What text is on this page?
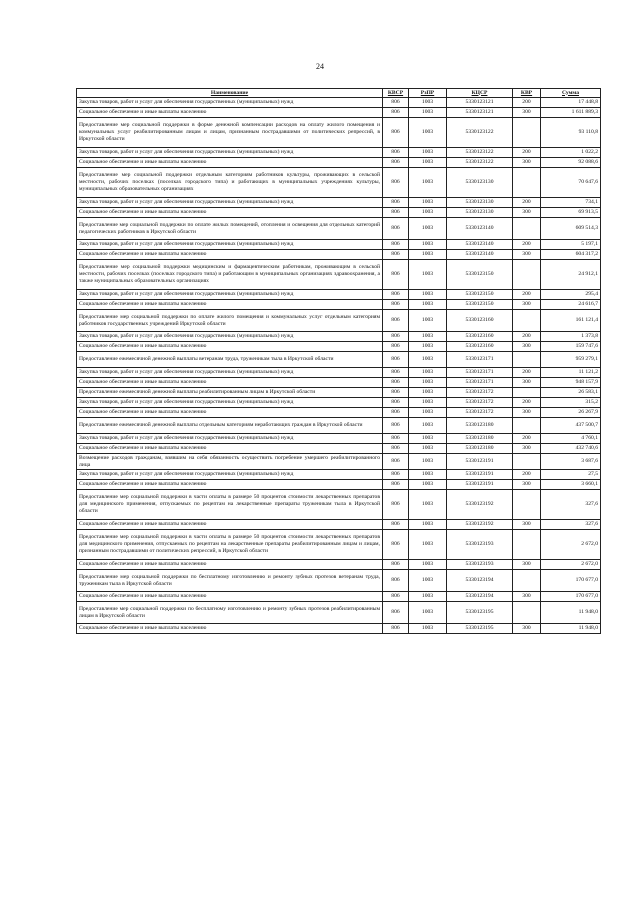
24
Наименование	КВСР	РзПР	КЦСР	КВР	Сумма
Закупка товаров, работ и услуг для обеспечения государственных (муниципальных) нужд	806	1003	5330123121	200	17 448,8
Социальное обеспечение и иные выплаты населению	806	1003	5330123121	300	1 611 889,3
Предоставление мер социальной поддержки в форме денежной компенсации расходов на оплату жилого помещения и коммунальных услуг реабилитированным лицам и лицам, признанным пострадавшими от политических репрессий, в Иркутской области	806	1003	5330123122		93 110,8
Закупка товаров, работ и услуг для обеспечения государственных (муниципальных) нужд	806	1003	5330123122	200	1 022,2
Социальное обеспечение и иные выплаты населению	806	1003	5330123122	300	92 088,6
Предоставление мер социальной поддержки отдельным категориям работников культуры, проживающих в сельской местности, рабочих поселках (поселках городского типа) и работающих в муниципальных учреждениях культуры, муниципальных образовательных организациях	806	1003	5330123130		70 647,6
Закупка товаров, работ и услуг для обеспечения государственных (муниципальных) нужд	806	1003	5330123130	200	734,1
Социальное обеспечение и иные выплаты населению	806	1003	5330123130	300	69 913,5
Предоставление мер социальной поддержки по оплате жилых помещений, отопления и освещения для отдельных категорий педагогических работников в Иркутской области	806	1003	5330123140		609 514,3
Закупка товаров, работ и услуг для обеспечения государственных (муниципальных) нужд	806	1003	5330123140	200	5 197,1
Социальное обеспечение и иные выплаты населению	806	1003	5330123140	300	604 317,2
Предоставление мер социальной поддержки медицинским и фармацевтическим работникам, проживающим в сельской местности, рабочих поселках (поселках городского типа) и работающим в муниципальных организациях здравоохранения, а также муниципальных образовательных организациях	806	1003	5330123150		24 912,1
Закупка товаров, работ и услуг для обеспечения государственных (муниципальных) нужд	806	1003	5330123150	200	295,4
Социальное обеспечение и иные выплаты населению	806	1003	5330123150	300	24 616,7
Предоставление мер социальной поддержки по оплате жилого помещения и коммунальных услуг отдельным категориям работников государственных учреждений Иркутской области	806	1003	5330123160		161 121,4
Закупка товаров, работ и услуг для обеспечения государственных (муниципальных) нужд	806	1003	5330123160	200	1 373,8
Социальное обеспечение и иные выплаты населению	806	1003	5330123160	300	159 747,6
Предоставление ежемесячной денежной выплаты ветеранам труда, труженикам тыла в Иркутской области	806	1003	5330123171		959 279,1
Закупка товаров, работ и услуг для обеспечения государственных (муниципальных) нужд	806	1003	5330123171	200	11 121,2
Социальное обеспечение и иные выплаты населению	806	1003	5330123171	300	948 157,9
Предоставление ежемесячной денежной выплаты реабилитированным лицам в Иркутской области	806	1003	5330123172		26 583,1
Закупка товаров, работ и услуг для обеспечения государственных (муниципальных) нужд	806	1003	5330123172	200	315,2
Социальное обеспечение и иные выплаты населению	806	1003	5330123172	300	26 267,9
Предоставление ежемесячной денежной выплаты отдельным категориям неработающих граждан в Иркутской области	806	1003	5330123180		437 500,7
Закупка товаров, работ и услуг для обеспечения государственных (муниципальных) нужд	806	1003	5330123180	200	4 760,1
Социальное обеспечение и иные выплаты населению	806	1003	5330123180	300	432 740,6
Возмещение расходов гражданам, взявшим на себя обязанность осуществить погребение умершего реабилитированного лица	806	1003	5330123191		3 687,6
Закупка товаров, работ и услуг для обеспечения государственных (муниципальных) нужд	806	1003	5330123191	200	27,5
Социальное обеспечение и иные выплаты населению	806	1003	5330123191	300	3 660,1
Предоставление мер социальной поддержки в части оплаты в размере 50 процентов стоимости лекарственных препаратов для медицинского применения, отпускаемых по рецептам на лекарственные препараты труженикам тыла в Иркутской области	806	1003	5330123192		327,6
Социальное обеспечение и иные выплаты населению	806	1003	5330123192	300	327,6
Предоставление мер социальной поддержки в части оплаты в размере 50 процентов стоимости лекарственных препаратов для медицинского применения, отпускаемых по рецептам на лекарственные препараты реабилитированным лицам и лицам, признанным пострадавшими от политических репрессий, в Иркутской области	806	1003	5330123193		2 672,0
Социальное обеспечение и иные выплаты населению	806	1003	5330123193	300	2 672,0
Предоставление мер социальной поддержки по бесплатному изготовлению и ремонту зубных протезов ветеранам труда, труженикам тыла в Иркутской области	806	1003	5330123194		170 677,0
Социальное обеспечение и иные выплаты населению	806	1003	5330123194	300	170 677,0
Предоставление мер социальной поддержки по бесплатному изготовлению и ремонту зубных протезов реабилитированным лицам в Иркутской области	806	1003	5330123195		11 948,0
Социальное обеспечение и иные выплаты населению	806	1003	5330123195	300	11 948,0
